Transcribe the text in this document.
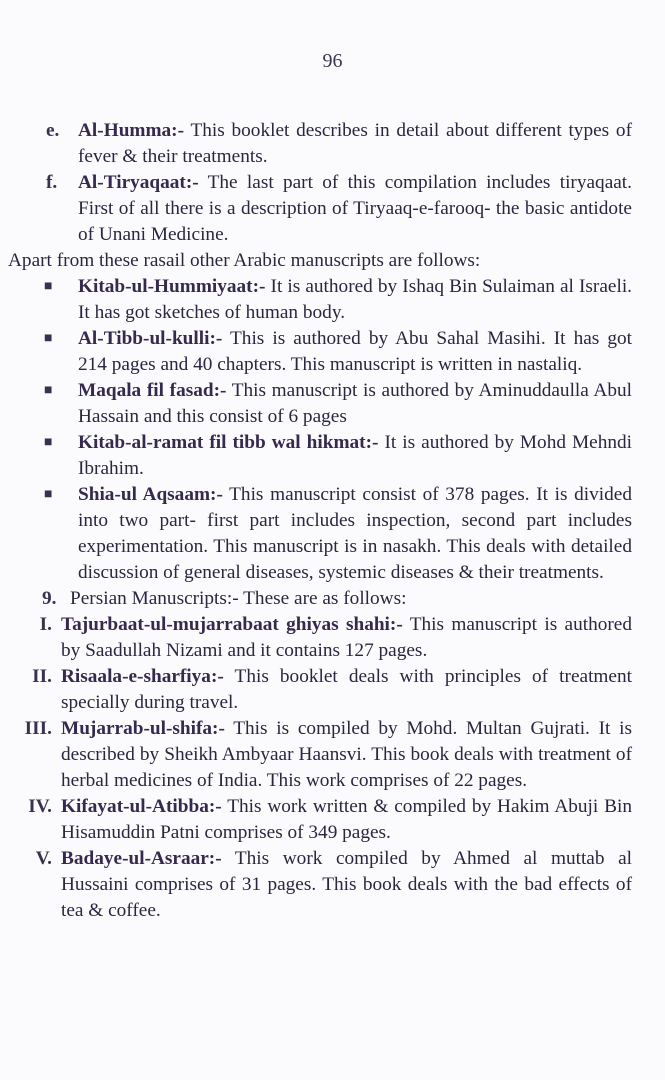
96
e. Al-Humma:- This booklet describes in detail about different types of fever & their treatments.
f.	Al-Tiryaqaat:- The last part of this compilation includes tiryaqaat. First of all there is a description of Tiryaaq-e-farooq- the basic antidote of Unani Medicine.
Apart from these rasail other Arabic manuscripts are follows:
■ Kitab-ul-Hummiyaat:- It is authored by Ishaq Bin Sulaiman al Israeli. It has got sketches of human body.
■ Al-Tibb-ul-kulli:- This is authored by Abu Sahal Masihi. It has got 214 pages and 40 chapters. This manuscript is written in nastaliq.
■ Maqala fil fasad:- This manuscript is authored by Aminuddaulla Abul Hassain and this consist of 6 pages
■ Kitab-al-ramat fil tibb wal hikmat:- It is authored by Mohd Mehndi Ibrahim.
■ Shia-ul Aqsaam:- This manuscript consist of 378 pages. It is divided into two part- first part includes inspection, second part includes experimentation. This manuscript is in nasakh. This deals with detailed discussion of general diseases, systemic diseases & their treatments.
9. Persian Manuscripts:- These are as follows:
I. Tajurbaat-ul-mujarrabaat ghiyas shahi:- This manuscript is authored by Saadullah Nizami and it contains 127 pages.
II. Risaala-e-sharfiya:- This booklet deals with principles of treatment specially during travel.
III. Mujarrab-ul-shifa:- This is compiled by Mohd. Multan Gujrati. It is described by Sheikh Ambyaar Haansvi. This book deals with treatment of herbal medicines of India. This work comprises of 22 pages.
IV. Kifayat-ul-Atibba:- This work written & compiled by Hakim Abuji Bin Hisamuddin Patni comprises of 349 pages.
V. Badaye-ul-Asraar:- This work compiled by Ahmed al muttab al Hussaini comprises of 31 pages. This book deals with the bad effects of tea & coffee.
